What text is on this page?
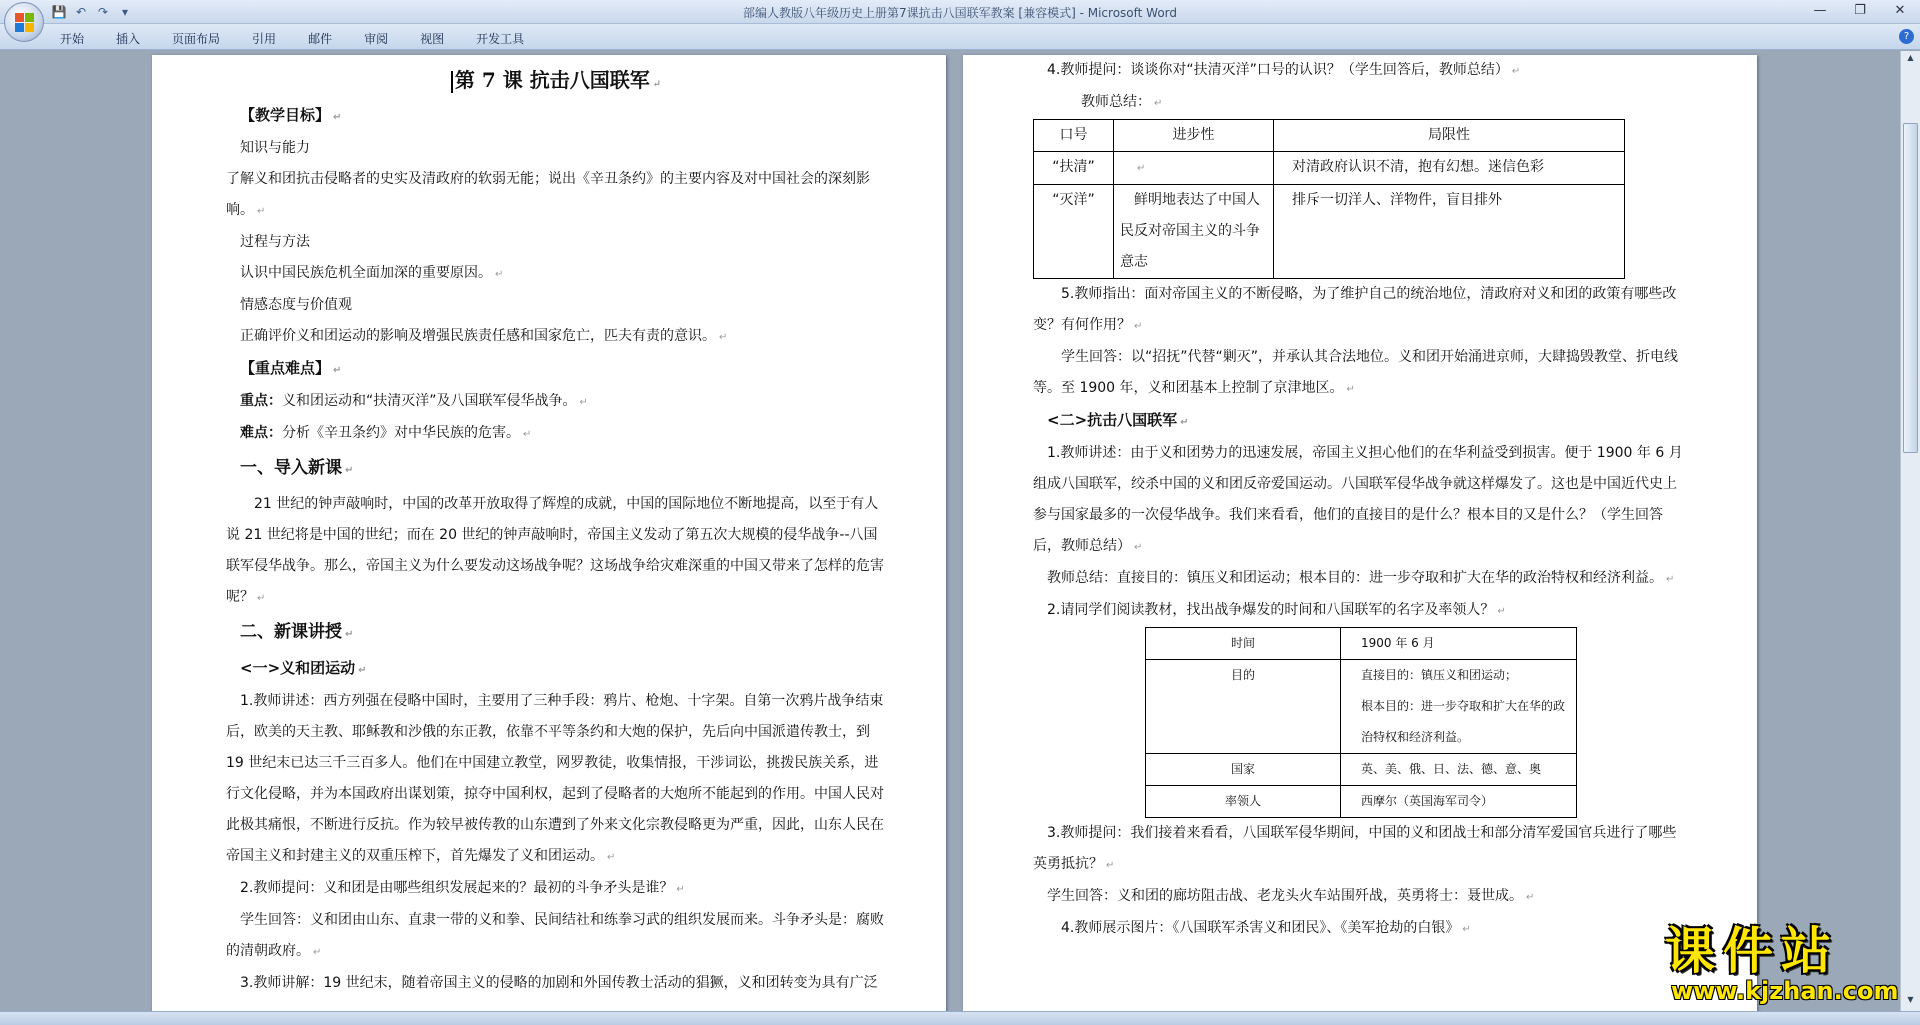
💾 ↶ ↷	▾	部编人教版八年级历史上册第7课抗击八国联军教案 [兼容模式] - Microsoft Word	—	❐	✕
开始	插入	页面布局	引用	邮件	审阅	视图	开发工具	?
第 7 课 抗击八国联军 ↵
【教学目标】 ↵
知识与能力
了解义和团抗击侵略者的史实及清政府的软弱无能；说出《辛丑条约》的主要内容及对中国社会的深刻影响。 ↵
过程与方法
认识中国民族危机全面加深的重要原因。 ↵
情感态度与价值观
正确评价义和团运动的影响及增强民族责任感和国家危亡，匹夫有责的意识。 ↵
【重点难点】 ↵
重点：义和团运动和“扶清灭洋”及八国联军侵华战争。 ↵
难点：分析《辛丑条约》对中华民族的危害。 ↵
一、导入新课 ↵
21 世纪的钟声敲响时，中国的改革开放取得了辉煌的成就，中国的国际地位不断地提高，以至于有人说 21 世纪将是中国的世纪；而在 20 世纪的钟声敲响时，帝国主义发动了第五次大规模的侵华战争--八国联军侵华战争。那么，帝国主义为什么要发动这场战争呢？这场战争给灾难深重的中国又带来了怎样的危害呢？ ↵
二、新课讲授 ↵
<一>义和团运动 ↵
1.教师讲述：西方列强在侵略中国时，主要用了三种手段：鸦片、枪炮、十字架。自第一次鸦片战争结束后，欧美的天主教、耶稣教和沙俄的东正教，依靠不平等条约和大炮的保护，先后向中国派遣传教士，到 19 世纪末已达三千三百多人。他们在中国建立教堂，网罗教徒，收集情报，干涉词讼，挑拨民族关系，进行文化侵略，并为本国政府出谋划策，掠夺中国利权，起到了侵略者的大炮所不能起到的作用。中国人民对此极其痛恨，不断进行反抗。作为较早被传教的山东遭到了外来文化宗教侵略更为严重，因此，山东人民在帝国主义和封建主义的双重压榨下，首先爆发了义和团运动。 ↵
2.教师提问：义和团是由哪些组织发展起来的？最初的斗争矛头是谁？ ↵
学生回答：义和团由山东、直隶一带的义和拳、民间结社和练拳习武的组织发展而来。斗争矛头是：腐败的清朝政府。 ↵
3.教师讲解：19 世纪末，随着帝国主义的侵略的加剧和外国传教士活动的猖獗，义和团转变为具有广泛
4.教师提问：谈谈你对“扶清灭洋”口号的认识？（学生回答后，教师总结） ↵
教师总结： ↵
口号	进步性	局限性
“扶清”	↵	对清政府认识不清，抱有幻想。迷信色彩
“灭洋”	鲜明地表达了中国人民反对帝国主义的斗争意志	排斥一切洋人、洋物件，盲目排外
5.教师指出：面对帝国主义的不断侵略，为了维护自己的统治地位，清政府对义和团的政策有哪些改变？有何作用？ ↵
学生回答：以“招抚”代替“剿灭”，并承认其合法地位。义和团开始涌进京师，大肆捣毁教堂、折电线等。至 1900 年，义和团基本上控制了京津地区。 ↵
<二>抗击八国联军 ↵
1.教师讲述：由于义和团势力的迅速发展，帝国主义担心他们的在华利益受到损害。便于 1900 年 6 月组成八国联军，绞杀中国的义和团反帝爱国运动。八国联军侵华战争就这样爆发了。这也是中国近代史上参与国家最多的一次侵华战争。我们来看看，他们的直接目的是什么？根本目的又是什么？（学生回答后，教师总结） ↵
教师总结：直接目的：镇压义和团运动；根本目的：进一步夺取和扩大在华的政治特权和经济利益。 ↵
2.请同学们阅读教材，找出战争爆发的时间和八国联军的名字及率领人？ ↵
时间	1900 年 6 月
目的	直接目的：镇压义和团运动；
根本目的：进一步夺取和扩大在华的政治特权和经济利益。

国家	英、美、俄、日、法、德、意、奥
率领人	西摩尔（英国海军司令）
3.教师提问：我们接着来看看，八国联军侵华期间，中国的义和团战士和部分清军爱国官兵进行了哪些英勇抵抗？ ↵
学生回答：义和团的廊坊阻击战、老龙头火车站围歼战，英勇将士：聂世成。 ↵
4.教师展示图片：《八国联军杀害义和团民》、《美军抢劫的白银》 ↵
▲
▼
课件站
www.kjzhan.com
